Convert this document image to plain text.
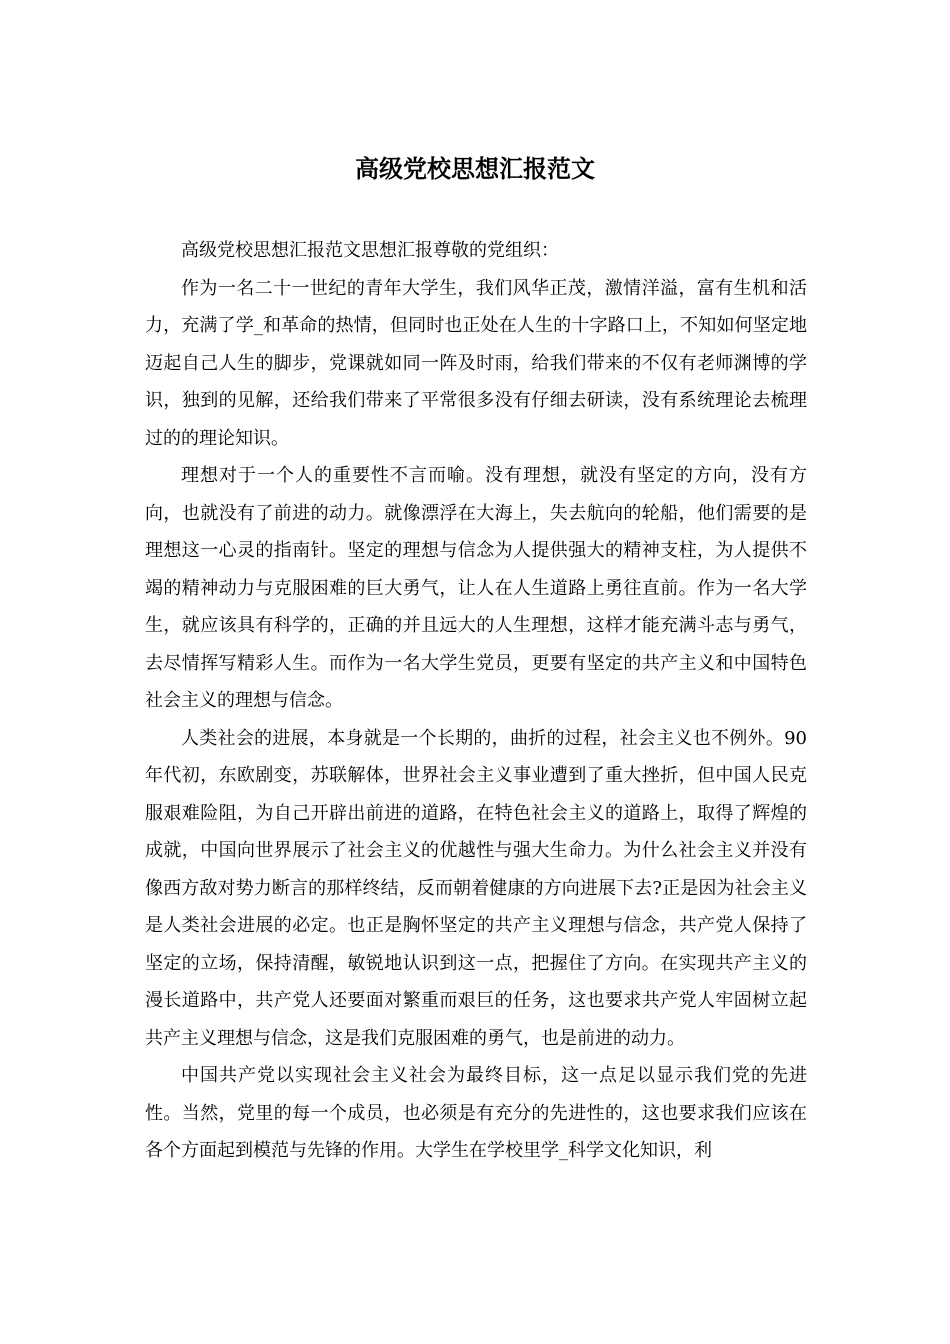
高级党校思想汇报范文

高级党校思想汇报范文思想汇报尊敬的党组织：

作为一名二十一世纪的青年大学生，我们风华正茂，激情洋溢，富有生机和活力，充满了学_和革命的热情，但同时也正处在人生的十字路口上，不知如何坚定地迈起自己人生的脚步，党课就如同一阵及时雨，给我们带来的不仅有老师渊博的学识，独到的见解，还给我们带来了平常很多没有仔细去研读，没有系统理论去梳理过的的理论知识。

理想对于一个人的重要性不言而喻。没有理想，就没有坚定的方向，没有方向，也就没有了前进的动力。就像漂浮在大海上，失去航向的轮船，他们需要的是理想这一心灵的指南针。坚定的理想与信念为人提供强大的精神支柱，为人提供不竭的精神动力与克服困难的巨大勇气，让人在人生道路上勇往直前。作为一名大学生，就应该具有科学的，正确的并且远大的人生理想，这样才能充满斗志与勇气，去尽情挥写精彩人生。而作为一名大学生党员，更要有坚定的共产主义和中国特色社会主义的理想与信念。

人类社会的进展，本身就是一个长期的，曲折的过程，社会主义也不例外。90年代初，东欧剧变，苏联解体，世界社会主义事业遭到了重大挫折，但中国人民克服艰难险阻，为自己开辟出前进的道路，在特色社会主义的道路上，取得了辉煌的成就，中国向世界展示了社会主义的优越性与强大生命力。为什么社会主义并没有像西方敌对势力断言的那样终结，反而朝着健康的方向进展下去?正是因为社会主义是人类社会进展的必定。也正是胸怀坚定的共产主义理想与信念，共产党人保持了坚定的立场，保持清醒，敏锐地认识到这一点，把握住了方向。在实现共产主义的漫长道路中，共产党人还要面对繁重而艰巨的任务，这也要求共产党人牢固树立起共产主义理想与信念，这是我们克服困难的勇气，也是前进的动力。

中国共产党以实现社会主义社会为最终目标，这一点足以显示我们党的先进性。当然，党里的每一个成员，也必须是有充分的先进性的，这也要求我们应该在各个方面起到模范与先锋的作用。大学生在学校里学_科学文化知识，利
